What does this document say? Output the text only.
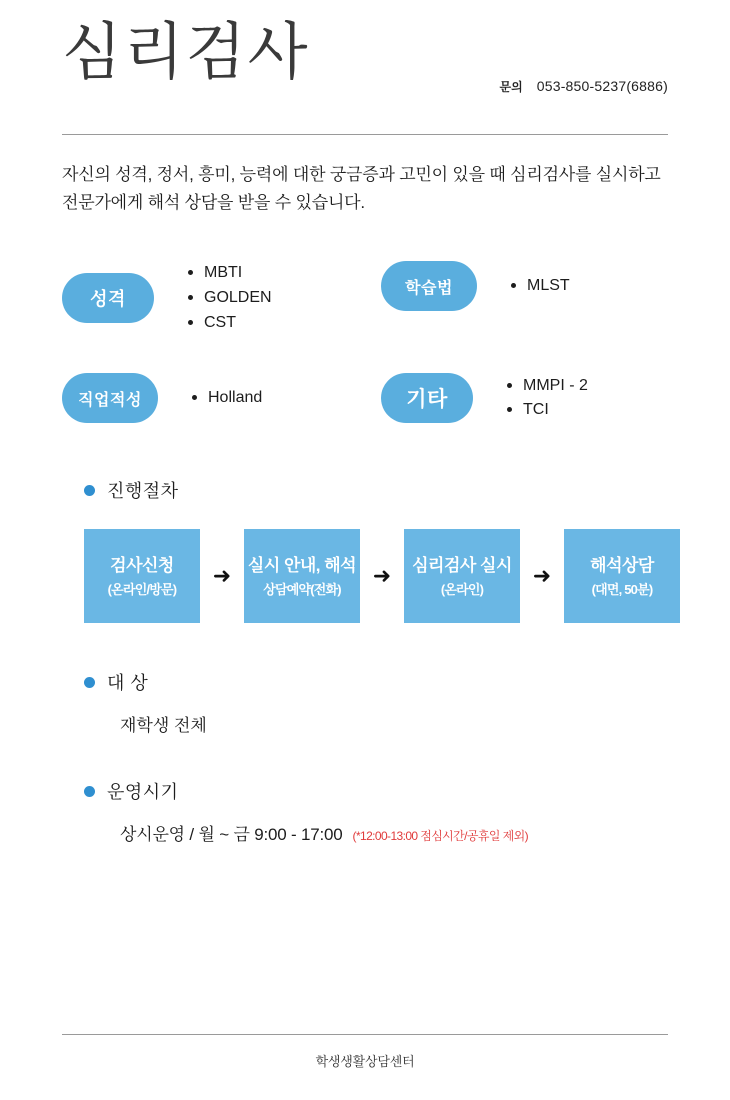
심리검사	문의 053-850-5237(6886)
자신의 성격, 정서, 흥미, 능력에 대한 궁금증과 고민이 있을 때 심리검사를 실시하고 전문가에게 해석 상담을 받을 수 있습니다.
성격
MBTI
GOLDEN
CST
학습법	MLST
직업적성	Holland	기타
MMPI - 2
TCI
진행절차
검사신청
(온라인/방문)
➜ 실시 안내, 해석
상담예약(전화)
➜	심리검사 실시
(온라인)
➜	해석상담
(대면, 50분)
대 상
재학생 전체
운영시기
상시운영 / 월 ~ 금 9:00 - 17:00 (*12:00-13:00 점심시간/공휴일 제외)
학생생활상담센터
